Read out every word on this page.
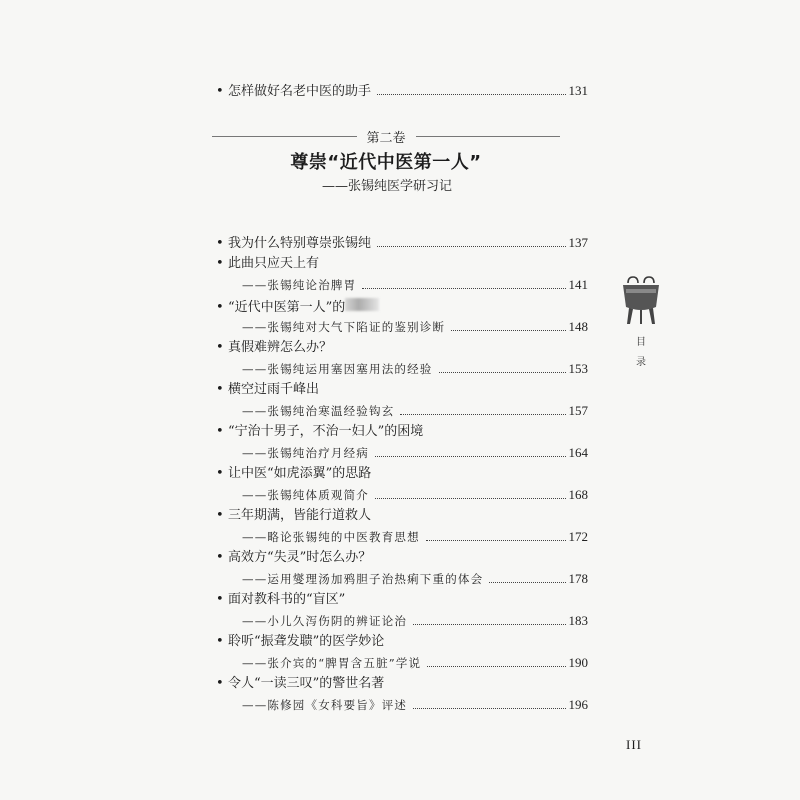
• 怎样做好名老中医的助手	131
第二卷
尊崇“近代中医第一人”
——张锡纯医学研习记
• 我为什么特别尊崇张锡纯	137
• 此曲只应天上有
——张锡纯论治脾胃	141
• “近代中医第一人”的
——张锡纯对大气下陷证的鉴别诊断	148
• 真假难辨怎么办？
——张锡纯运用塞因塞用法的经验	153
• 横空过雨千峰出
——张锡纯治寒温经验钩玄	157
• “宁治十男子，不治一妇人”的困境
——张锡纯治疗月经病	164
• 让中医“如虎添翼”的思路
——张锡纯体质观简介	168
• 三年期满，皆能行道救人
——略论张锡纯的中医教育思想	172
• 高效方“失灵”时怎么办？
——运用燮理汤加鸦胆子治热痢下重的体会	178
• 面对教科书的“盲区”
——小儿久泻伤阴的辨证论治	183
• 聆听“振聋发聩”的医学妙论
——张介宾的“脾胃含五脏”学说	190
• 令人“一读三叹”的警世名著
——陈修园《女科要旨》评述	196
目录
III
